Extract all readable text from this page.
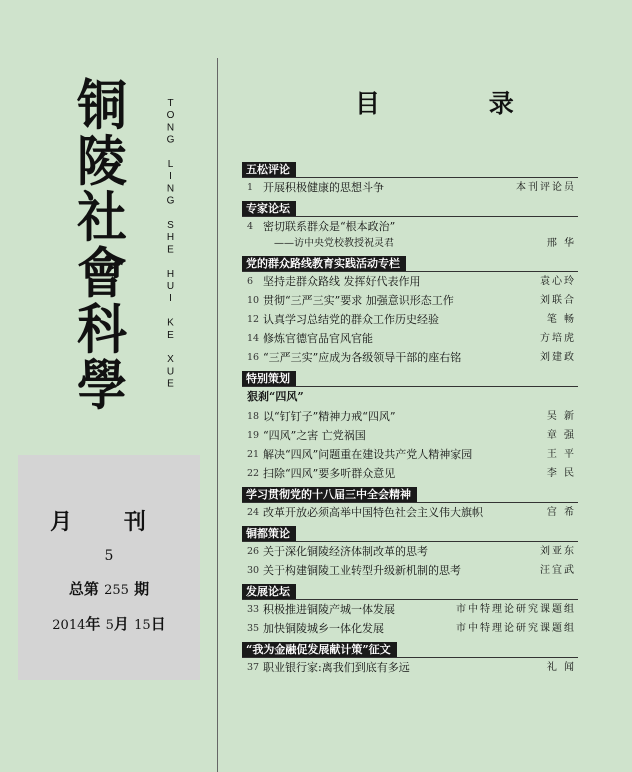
铜
陵
社
會
科
學	TONG LING SHE HUI KE XUE
月 刊
5
总第 255 期
2014年 5月 15日
目 录
五松评论
1 开展积极健康的思想斗争	本刊评论员
专家论坛
4 密切联系群众是“根本政治”
——访中央党校教授祝灵君	邢 华
党的群众路线教育实践活动专栏
6 坚持走群众路线 发挥好代表作用	袁心玲
10 贯彻“三严三实”要求 加强意识形态工作	刘联合
12 认真学习总结党的群众工作历史经验	笔 畅
14 修炼官德官品官风官能	方培虎
16 “三严三实”应成为各级领导干部的座右铭	刘建政
特别策划
狠刹“四风”
18 以“钉钉子”精神力戒“四风”	吴 新
19 “四风”之害 亡党祸国	章 强
21 解决“四风”问题重在建设共产党人精神家园	王 平
22 扫除“四风”要多听群众意见	李 民
学习贯彻党的十八届三中全会精神
24 改革开放必须高举中国特色社会主义伟大旗帜	宫 希
铜都策论
26 关于深化铜陵经济体制改革的思考	刘亚东
30 关于构建铜陵工业转型升级新机制的思考	汪宜武
发展论坛
33 积极推进铜陵产城一体发展	市中特理论研究课题组
35 加快铜陵城乡一体化发展	市中特理论研究课题组
“我为金融促发展献计策”征文
37 职业银行家:离我们到底有多远	礼 闻
